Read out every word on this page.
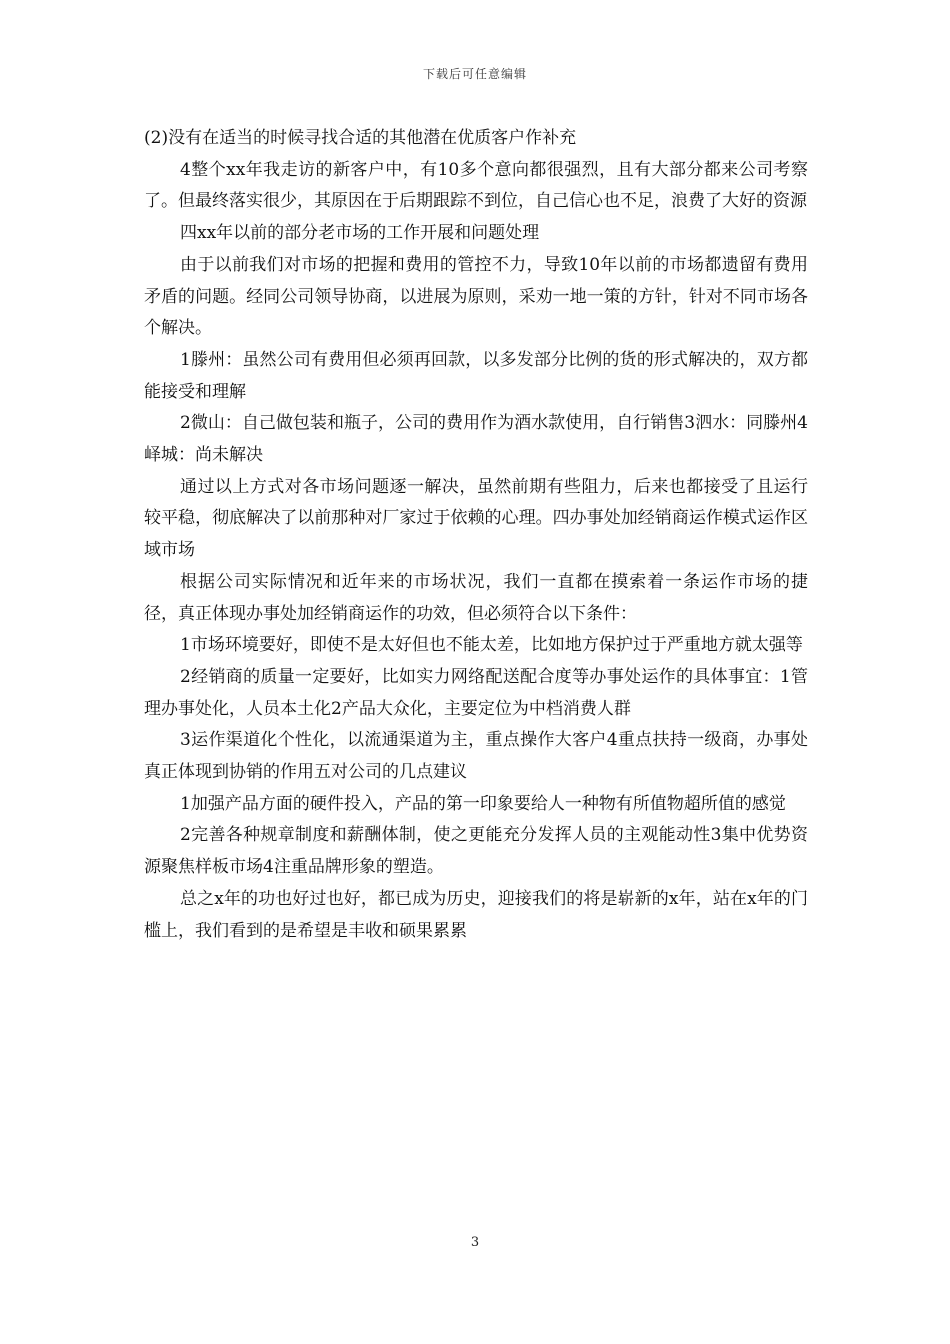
下载后可任意编辑

(2)没有在适当的时候寻找合适的其他潜在优质客户作补充

4整个xx年我走访的新客户中，有10多个意向都很强烈，且有大部分都来公司考察了。但最终落实很少，其原因在于后期跟踪不到位，自己信心也不足，浪费了大好的资源

四xx年以前的部分老市场的工作开展和问题处理

由于以前我们对市场的把握和费用的管控不力，导致10年以前的市场都遗留有费用矛盾的问题。经同公司领导协商，以进展为原则，采劝一地一策的方针，针对不同市场各个解决。

1滕州：虽然公司有费用但必须再回款，以多发部分比例的货的形式解决的，双方都能接受和理解

2微山：自己做包装和瓶子，公司的费用作为酒水款使用，自行销售3泗水：同滕州4峄城：尚未解决

通过以上方式对各市场问题逐一解决，虽然前期有些阻力，后来也都接受了且运行较平稳，彻底解决了以前那种对厂家过于依赖的心理。四办事处加经销商运作模式运作区域市场

根据公司实际情况和近年来的市场状况，我们一直都在摸索着一条运作市场的捷径，真正体现办事处加经销商运作的功效，但必须符合以下条件：

1市场环境要好，即使不是太好但也不能太差，比如地方保护过于严重地方就太强等

2经销商的质量一定要好，比如实力网络配送配合度等办事处运作的具体事宜：1管理办事处化，人员本土化2产品大众化，主要定位为中档消费人群

3运作渠道化个性化，以流通渠道为主，重点操作大客户4重点扶持一级商，办事处真正体现到协销的作用五对公司的几点建议

1加强产品方面的硬件投入，产品的第一印象要给人一种物有所值物超所值的感觉

2完善各种规章制度和薪酬体制，使之更能充分发挥人员的主观能动性3集中优势资源聚焦样板市场4注重品牌形象的塑造。

总之x年的功也好过也好，都已成为历史，迎接我们的将是崭新的x年，站在x年的门槛上，我们看到的是希望是丰收和硕果累累

3
